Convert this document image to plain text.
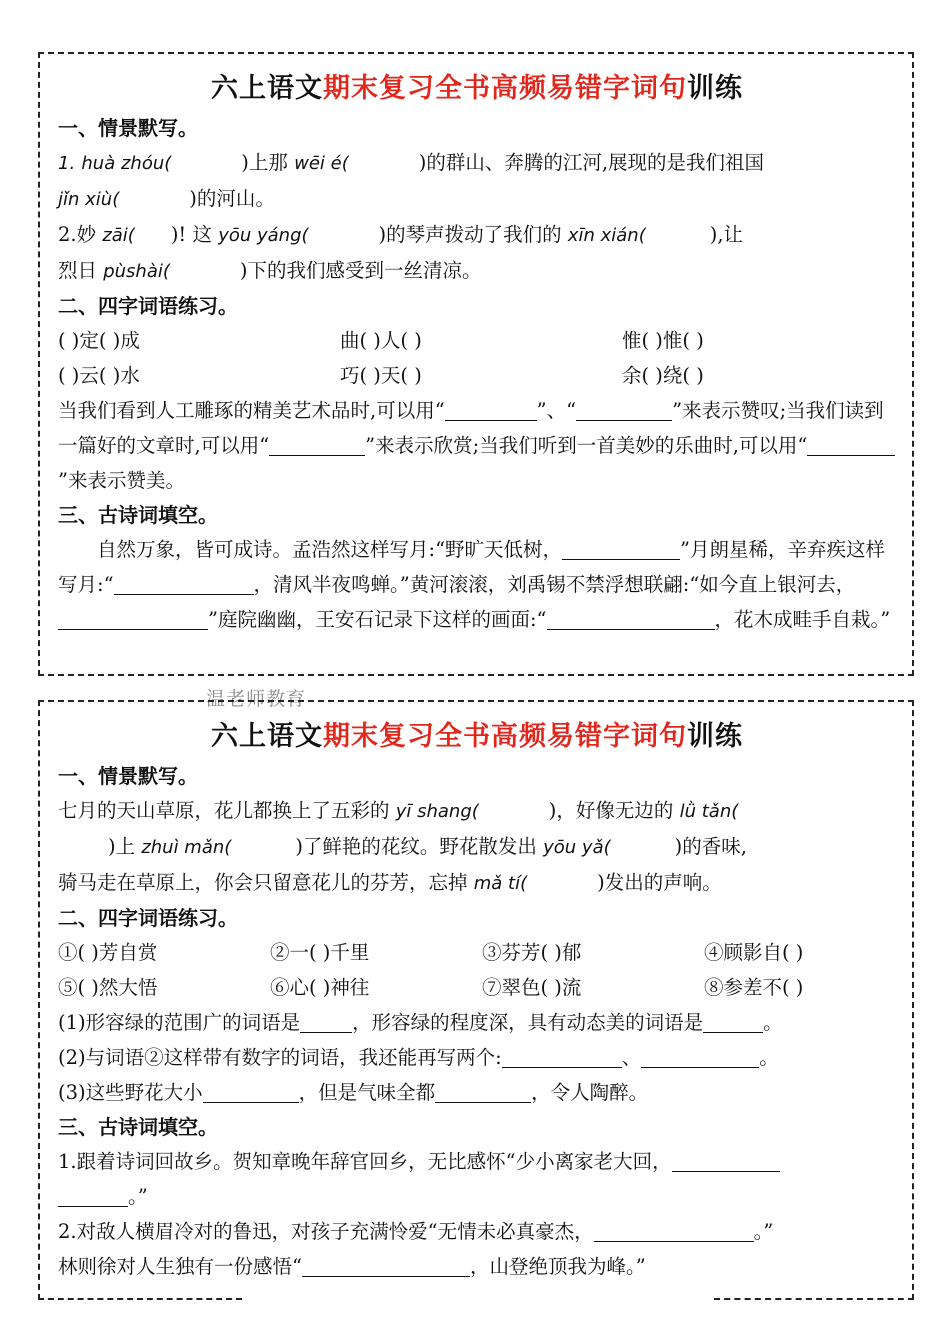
六上语文期末复习全书高频易错字词句训练
一、情景默写。
1. huà zhóu(	)上那 wēi é(	)的群山、奔腾的江河,展现的是我们祖国
jǐn xiù(	)的河山。
2.妙 zāi( )! 这 yōu yáng(	)的琴声拨动了我们的 xīn xián(	),让
烈日 pùshài(	)下的我们感受到一丝清凉。
二、四字词语练习。
( )定( )成	曲( )人( )	惟( )惟( )
( )云( )水	巧( )天( )	余( )绕( )
当我们看到人工雕琢的精美艺术品时,可以用“	”、“	”来表示赞叹;当我们读到一篇好的文章时,可以用“	”来表示欣赏;当我们听到一首美妙的乐曲时,可以用“”来表示赞美。
三、古诗词填空。
自然万象，皆可成诗。孟浩然这样写月:“野旷天低树，	”月朗星稀，辛弃疾这样写月:“	，清风半夜鸣蝉。”黄河滚滚，刘禹锡不禁浮想联翩:“如今直上银河去，”庭院幽幽，王安石记录下这样的画面:“	，花木成畦手自栽。”
温老师教育
六上语文期末复习全书高频易错字词句训练
一、情景默写。
七月的天山草原，花儿都换上了五彩的 yī shang(	)，好像无边的 lǜ tǎn(
)上 zhuì mǎn(	)了鲜艳的花纹。野花散发出 yōu yǎ(	)的香味,
骑马走在草原上，你会只留意花儿的芬芳，忘掉 mǎ tí(	)发出的声响。
二、四字词语练习。
①( )芳自赏	②一( )千里	③芬芳( )郁	④顾影自( )
⑤( )然大悟	⑥心( )神往	⑦翠色( )流	⑧参差不( )
(1)形容绿的范围广的词语是	，形容绿的程度深，具有动态美的词语是	。
(2)与词语②这样带有数字的词语，我还能再写两个:	、	。
(3)这些野花大小	，但是气味全都	，令人陶醉。
三、古诗词填空。
1.跟着诗词回故乡。贺知章晚年辞官回乡，无比感怀“少小离家老大回，
。”
2.对敌人横眉冷对的鲁迅，对孩子充满怜爱“无情未必真豪杰，	。”
林则徐对人生独有一份感悟“	，山登绝顶我为峰。”
